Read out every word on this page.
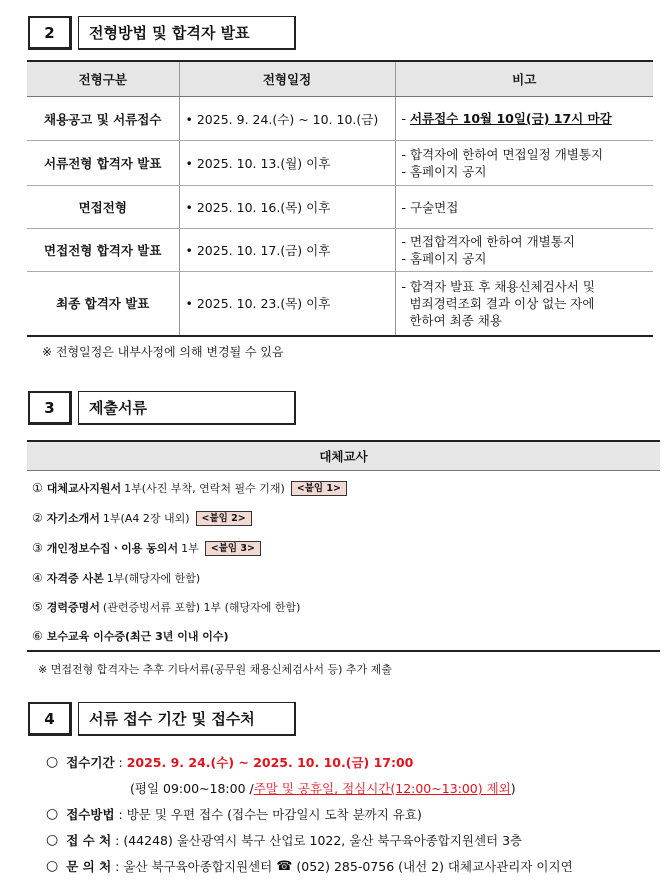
2	전형방법 및 합격자 발표
전형구분	전형일정	비고
채용공고 및 서류접수	• 2025. 9. 24.(수) ~ 10. 10.(금)	- 서류접수 10월 10일(금) 17시 마감
서류전형 합격자 발표	• 2025. 10. 13.(월) 이후	- 합격자에 한하여 면접일정 개별통지
- 홈페이지 공지
면접전형	• 2025. 10. 16.(목) 이후	- 구술면접
면접전형 합격자 발표	• 2025. 10. 17.(금) 이후	- 면접합격자에 한하여 개별통지
- 홈페이지 공지
최종 합격자 발표	• 2025. 10. 23.(목) 이후	- 합격자 발표 후 채용신체검사서 및
범죄경력조회 결과 이상 없는 자에
한하여 최종 채용
※ 전형일정은 내부사정에 의해 변경될 수 있음
3	제출서류
대체교사
① 대체교사지원서 1부(사진 부착, 연락처 필수 기재)	<붙임 1>
② 자기소개서 1부(A4 2장 내외)	<붙임 2>
③ 개인정보수집ㆍ이용 동의서 1부	<붙임 3>
④ 자격증 사본 1부(해당자에 한함)
⑤ 경력증명서 (관련증빙서류 포함) 1부 (해당자에 한함)
⑥ 보수교육 이수증(최근 3년 이내 이수)
※ 면접전형 합격자는 추후 기타서류(공무원 채용신체검사서 등) 추가 제출
4	서류 접수 기간 및 접수처
○ 접수기간 : 2025. 9. 24.(수) ~ 2025. 10. 10.(금) 17:00
(평일 09:00~18:00 / 주말 및 공휴일, 점심시간(12:00~13:00) 제외 )
○ 접수방법 : 방문 및 우편 접수 (접수는 마감일시 도착 분까지 유효)
○ 접 수 처 : (44248) 울산광역시 북구 산업로 1022, 울산 북구육아종합지원센터 3층
○ 문 의 처 : 울산 북구육아종합지원센터
☎
(052) 285-0756 (내선 2) 대체교사관리자 이지연
